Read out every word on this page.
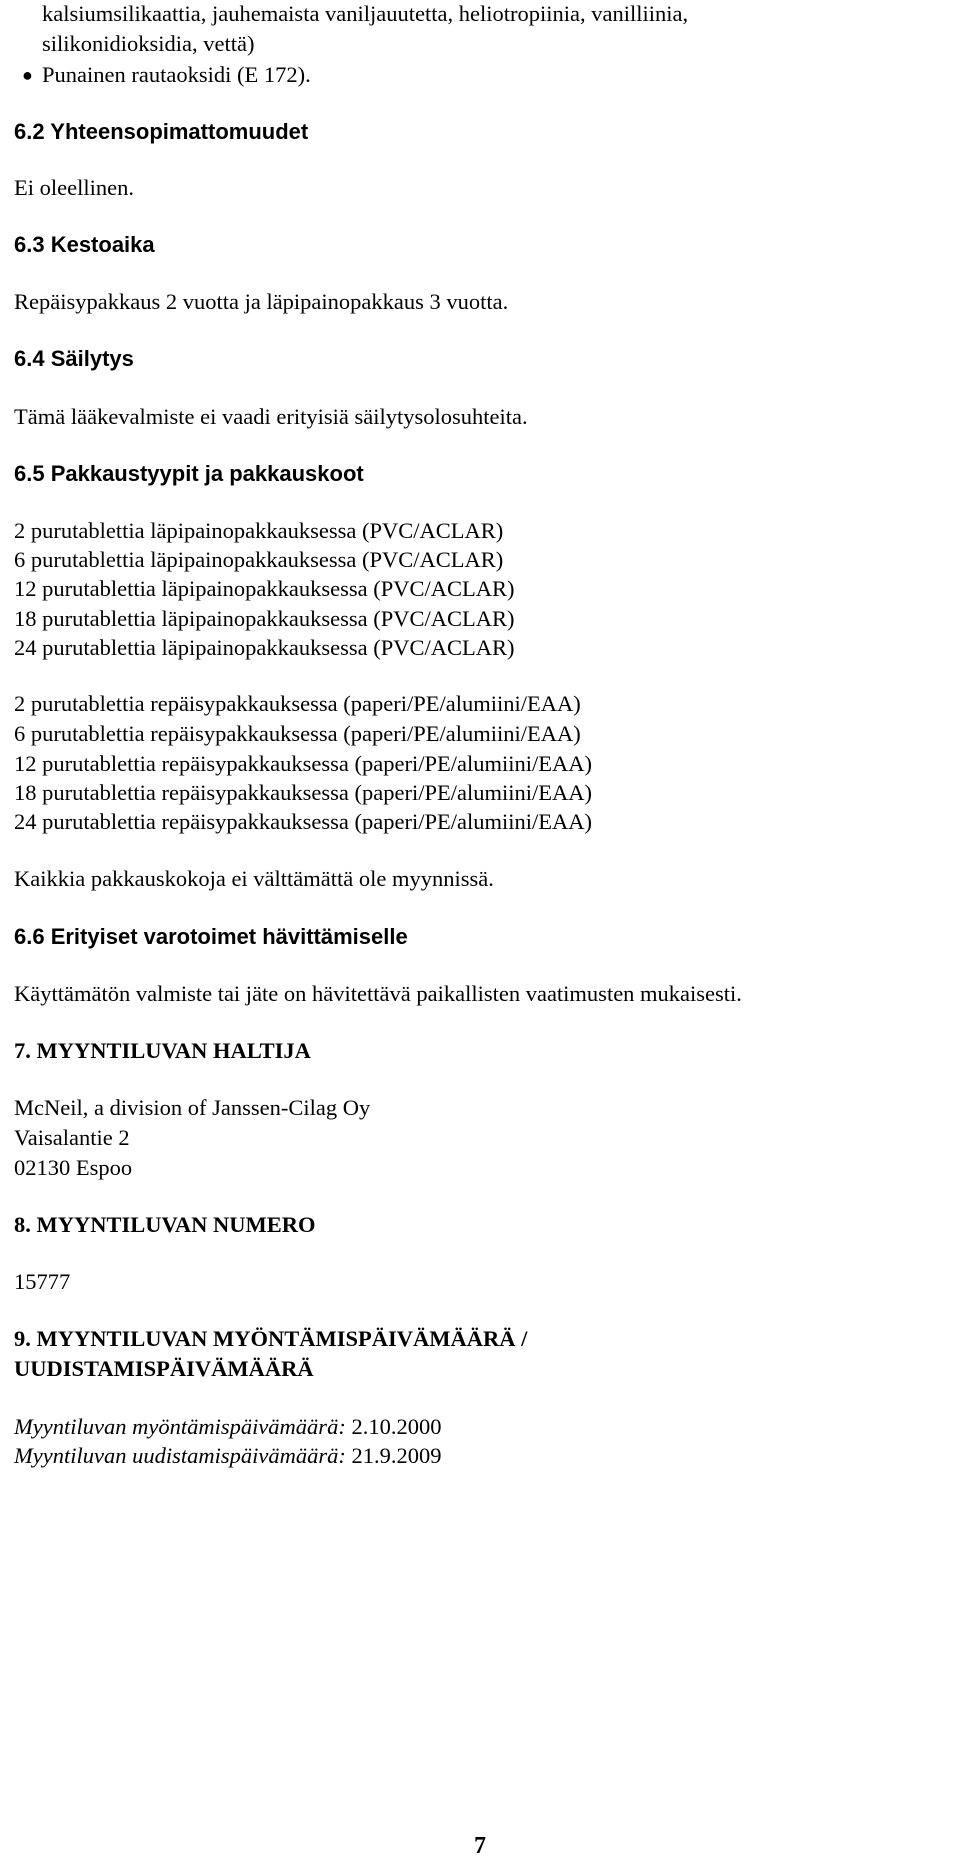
kalsiumsilikaattia, jauhemaista vaniljauutetta, heliotropiinia, vanilliinia,
silikonidioksidia, vettä)
● Punainen rautaoksidi (E 172).
6.2 Yhteensopimattomuudet
Ei oleellinen.
6.3 Kestoaika
Repäisypakkaus 2 vuotta ja läpipainopakkaus 3 vuotta.
6.4 Säilytys
Tämä lääkevalmiste ei vaadi erityisiä säilytysolosuhteita.
6.5 Pakkaustyypit ja pakkauskoot
2 purutablettia läpipainopakkauksessa (PVC/ACLAR)
6 purutablettia läpipainopakkauksessa (PVC/ACLAR)
12 purutablettia läpipainopakkauksessa (PVC/ACLAR)
18 purutablettia läpipainopakkauksessa (PVC/ACLAR)
24 purutablettia läpipainopakkauksessa (PVC/ACLAR)
2 purutablettia repäisypakkauksessa (paperi/PE/alumiini/EAA)
6 purutablettia repäisypakkauksessa (paperi/PE/alumiini/EAA)
12 purutablettia repäisypakkauksessa (paperi/PE/alumiini/EAA)
18 purutablettia repäisypakkauksessa (paperi/PE/alumiini/EAA)
24 purutablettia repäisypakkauksessa (paperi/PE/alumiini/EAA)
Kaikkia pakkauskokoja ei välttämättä ole myynnissä.
6.6 Erityiset varotoimet hävittämiselle
Käyttämätön valmiste tai jäte on hävitettävä paikallisten vaatimusten mukaisesti.
7. MYYNTILUVAN HALTIJA
McNeil, a division of Janssen-Cilag Oy
Vaisalantie 2
02130 Espoo
8. MYYNTILUVAN NUMERO
15777
9. MYYNTILUVAN MYÖNTÄMISPÄIVÄMÄÄRÄ /
UUDISTAMISPÄIVÄMÄÄRÄ
Myyntiluvan myöntämispäivämäärä: 2.10.2000
Myyntiluvan uudistamispäivämäärä: 21.9.2009
7
